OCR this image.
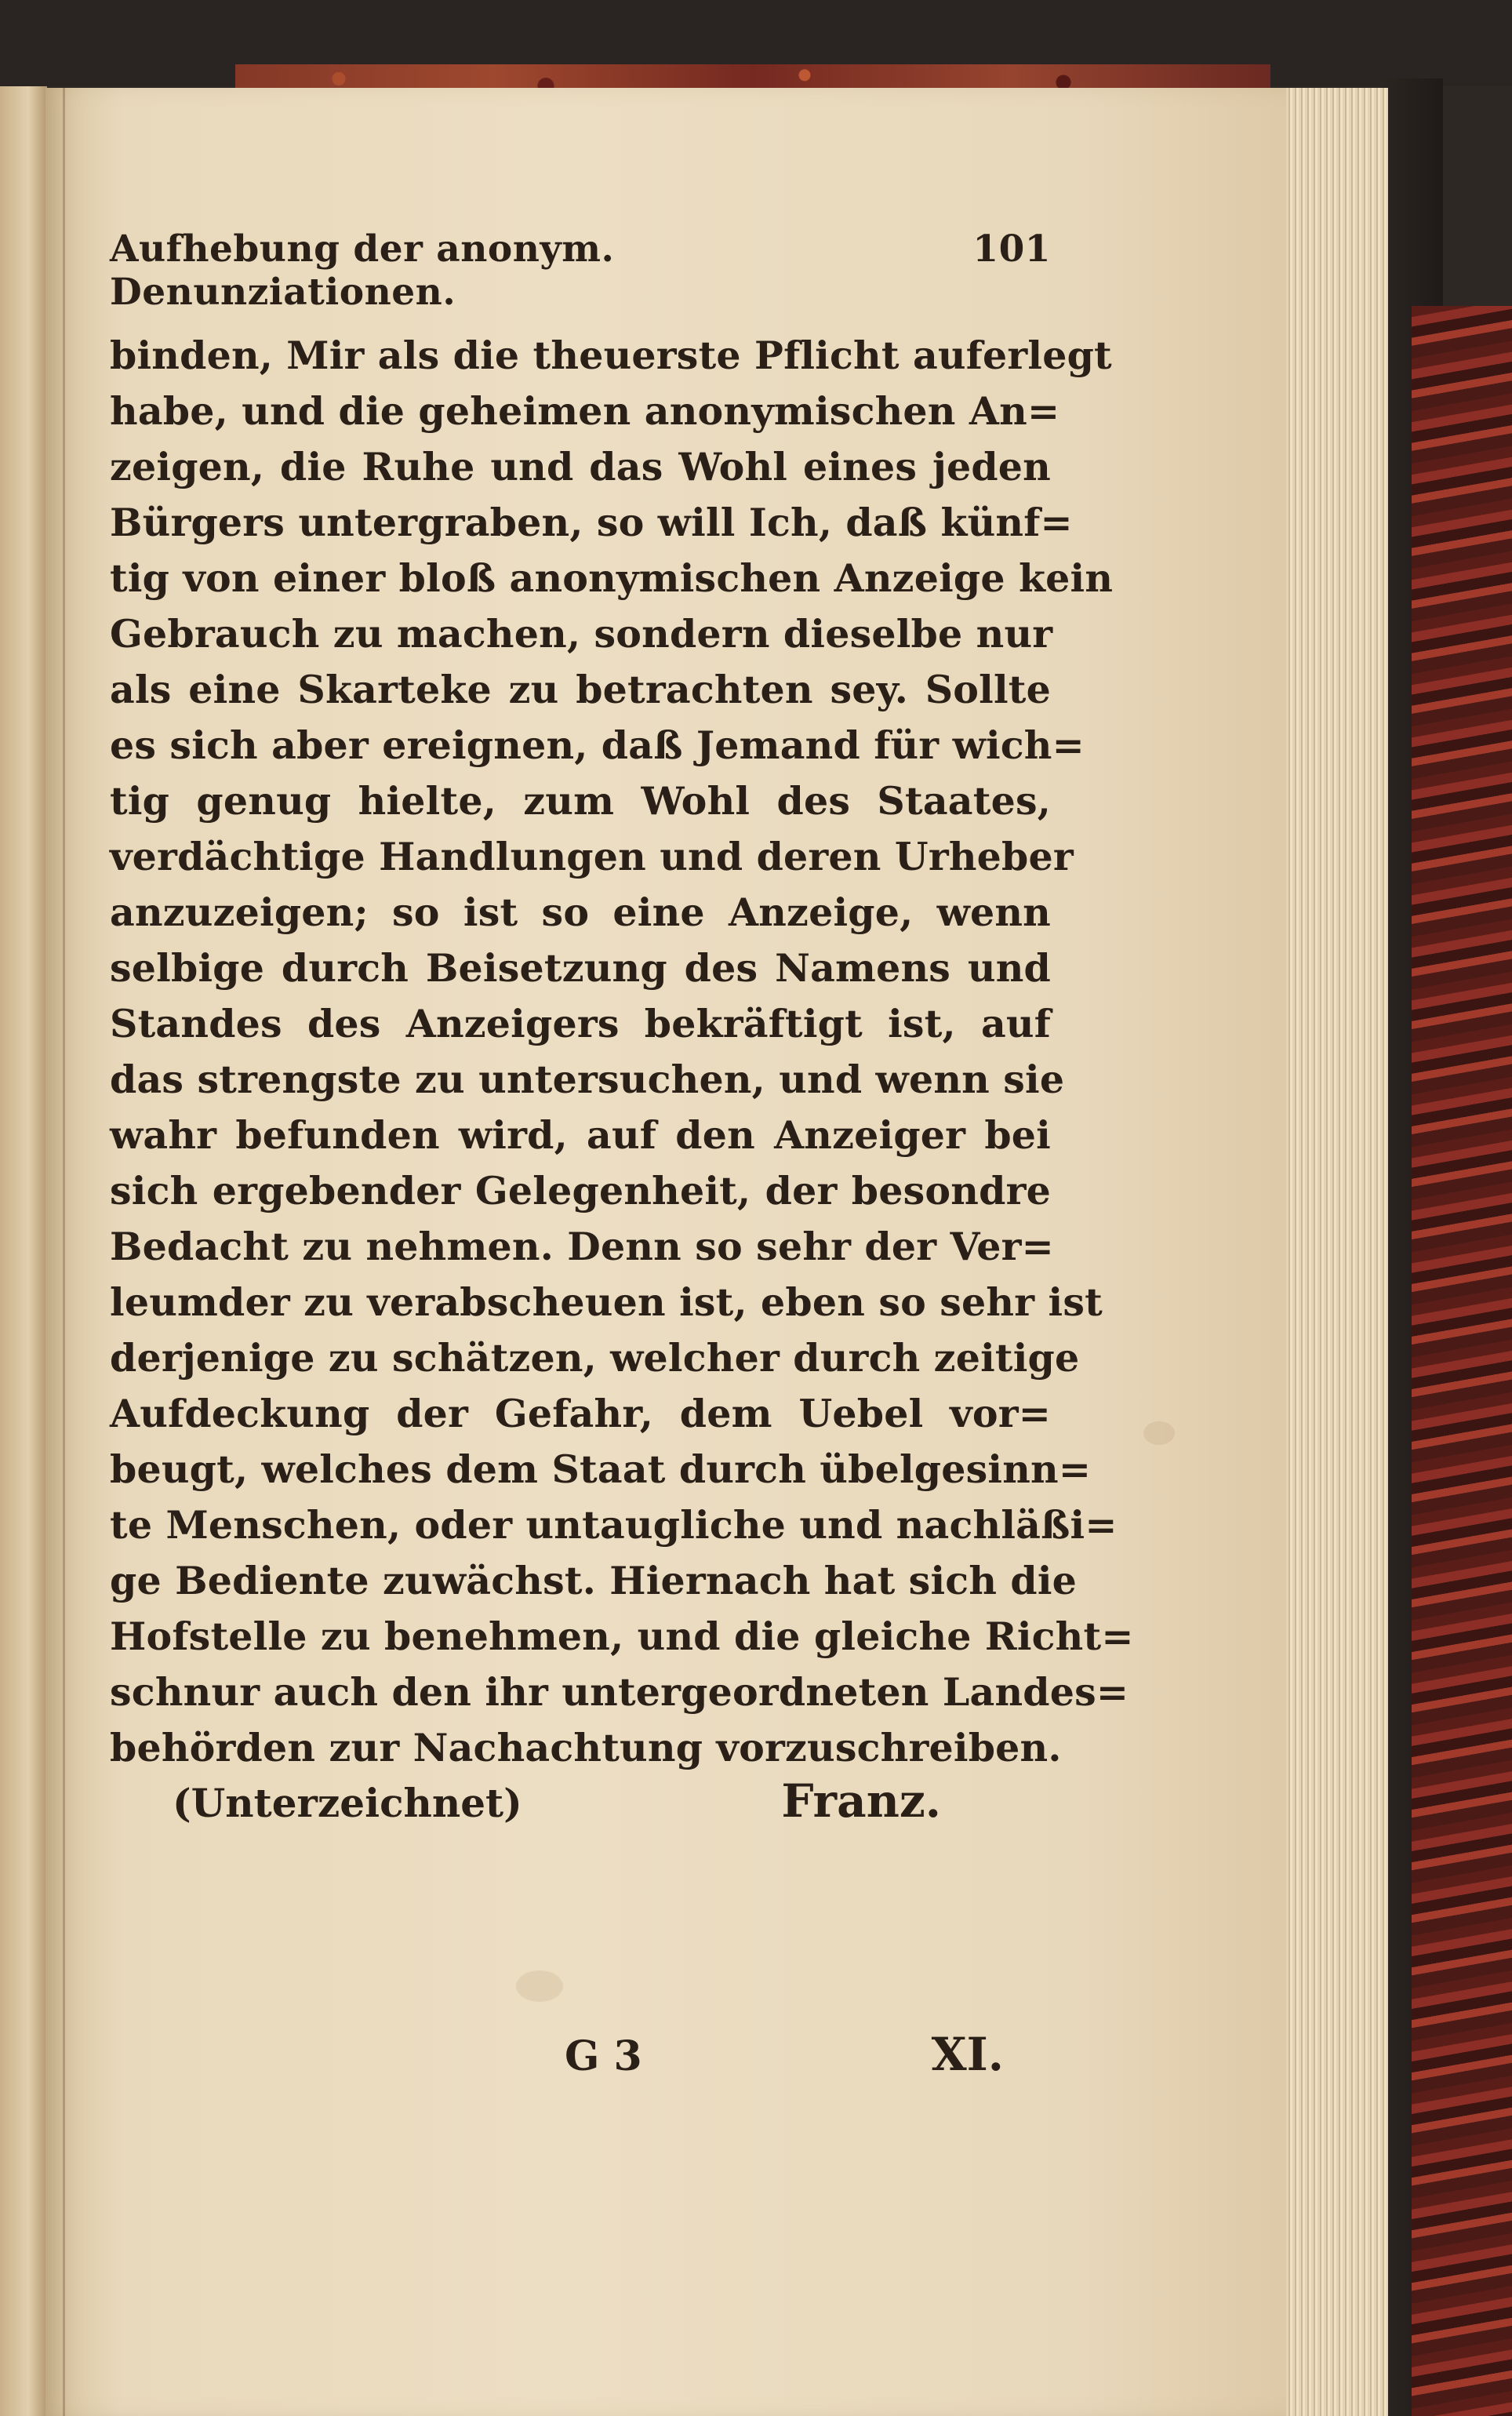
Aufhebung der anonym. Denunziationen.
101
binden, Mir als die theuerste Pflicht auferlegt
habe, und die geheimen anonymischen An=
zeigen, die Ruhe und das Wohl eines jeden
Bürgers untergraben, so will Ich, daß künf=
tig von einer bloß anonymischen Anzeige kein
Gebrauch zu machen, sondern dieselbe nur
als eine Skarteke zu betrachten sey. Sollte
es sich aber ereignen, daß Jemand für wich=
tig genug hielte, zum Wohl des Staates,
verdächtige Handlungen und deren Urheber
anzuzeigen; so ist so eine Anzeige, wenn
selbige durch Beisetzung des Namens und
Standes des Anzeigers bekräftigt ist, auf
das strengste zu untersuchen, und wenn sie
wahr befunden wird, auf den Anzeiger bei
sich ergebender Gelegenheit, der besondre
Bedacht zu nehmen. Denn so sehr der Ver=
leumder zu verabscheuen ist, eben so sehr ist
derjenige zu schätzen, welcher durch zeitige
Aufdeckung der Gefahr, dem Uebel vor=
beugt, welches dem Staat durch übelgesinn=
te Menschen, oder untaugliche und nachläßi=
ge Bediente zuwächst. Hiernach hat sich die
Hofstelle zu benehmen, und die gleiche Richt=
schnur auch den ihr untergeordneten Landes=
behörden zur Nachachtung vorzuschreiben.
(Unterzeichnet)	Franz.
G 3	XI.
